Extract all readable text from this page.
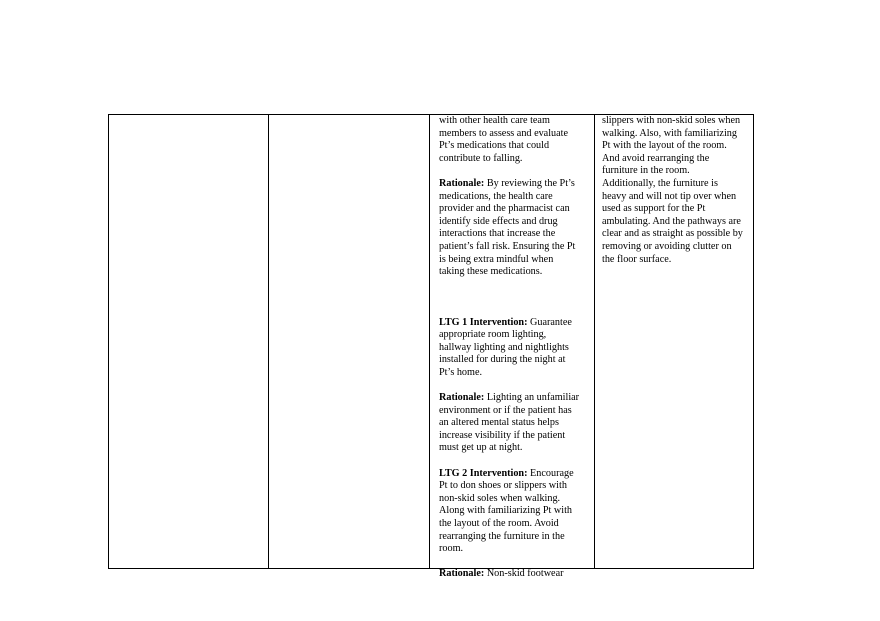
with other health care team
members to assess and evaluate
Pt’s medications that could
contribute to falling.
Rationale: By reviewing the Pt’s
medications, the health care
provider and the pharmacist can
identify side effects and drug
interactions that increase the
patient’s fall risk. Ensuring the Pt
is being extra mindful when
taking these medications.
LTG 1 Intervention: Guarantee
appropriate room lighting,
hallway lighting and nightlights
installed for during the night at
Pt’s home.
Rationale: Lighting an unfamiliar
environment or if the patient has
an altered mental status helps
increase visibility if the patient
must get up at night.
LTG 2 Intervention: Encourage
Pt to don shoes or slippers with
non-skid soles when walking.
Along with familiarizing Pt with
the layout of the room. Avoid
rearranging the furniture in the
room.
Rationale: Non-skid footwear
slippers with non-skid soles when
walking. Also, with familiarizing
Pt with the layout of the room.
And avoid rearranging the
furniture in the room.
Additionally, the furniture is
heavy and will not tip over when
used as support for the Pt
ambulating. And the pathways are
clear and as straight as possible by
removing or avoiding clutter on
the floor surface.
